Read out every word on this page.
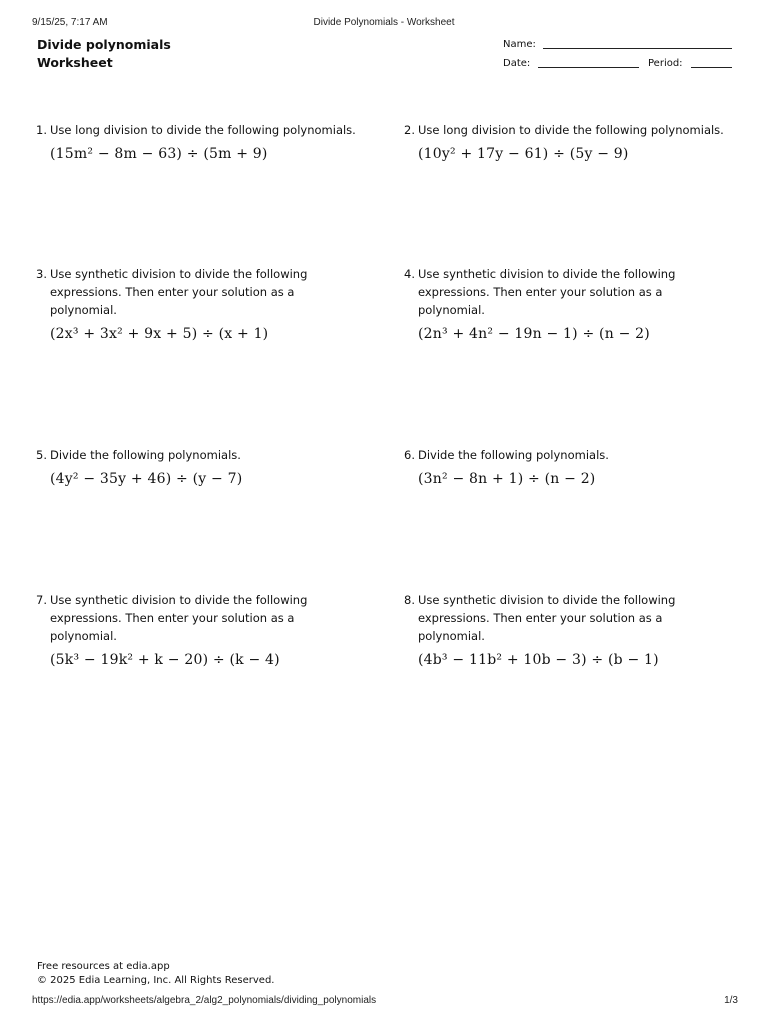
9/15/25, 7:17 AM	Divide Polynomials - Worksheet
Divide polynomials
Worksheet
Name:
Date:	Period:
1. Use long division to divide the following polynomials.
(15m² − 8m − 63) ÷ (5m + 9)
2. Use long division to divide the following polynomials.
(10y² + 17y − 61) ÷ (5y − 9)
3. Use synthetic division to divide the following expressions. Then enter your solution as a polynomial.
(2x³ + 3x² + 9x + 5) ÷ (x + 1)
4. Use synthetic division to divide the following expressions. Then enter your solution as a polynomial.
(2n³ + 4n² − 19n − 1) ÷ (n − 2)
5. Divide the following polynomials.
(4y² − 35y + 46) ÷ (y − 7)
6. Divide the following polynomials.
(3n² − 8n + 1) ÷ (n − 2)
7. Use synthetic division to divide the following expressions. Then enter your solution as a polynomial.
(5k³ − 19k² + k − 20) ÷ (k − 4)
8. Use synthetic division to divide the following expressions. Then enter your solution as a polynomial.
(4b³ − 11b² + 10b − 3) ÷ (b − 1)
Free resources at edia.app
© 2025 Edia Learning, Inc. All Rights Reserved.
https://edia.app/worksheets/algebra_2/alg2_polynomials/dividing_polynomials	1/3
